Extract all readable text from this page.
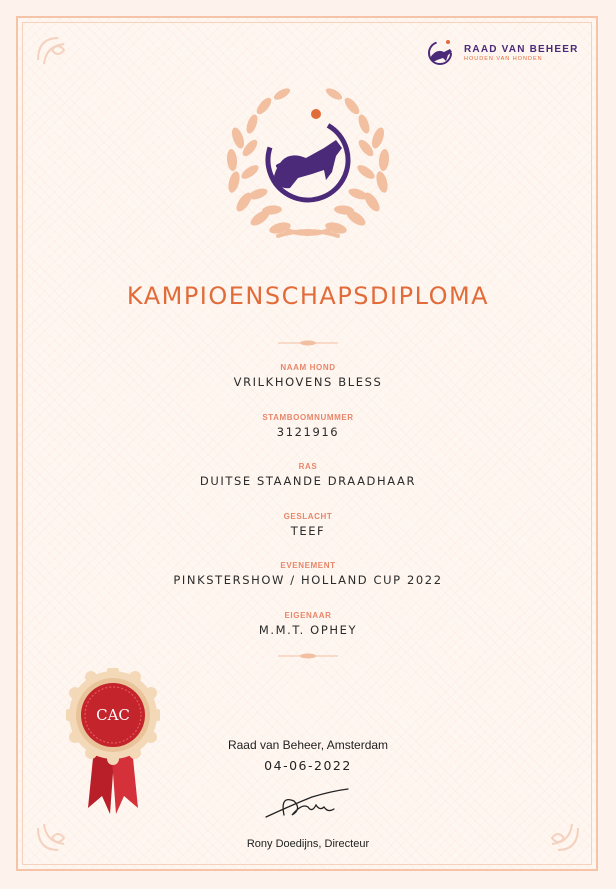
RAAD VAN BEHEER
HOUDEN VAN HONDEN
KAMPIOENSCHAPSDIPLOMA
NAAM HOND
VRILKHOVENS BLESS
STAMBOOMNUMMER
3121916
RAS
DUITSE STAANDE DRAADHAAR
GESLACHT
TEEF
EVENEMENT
PINKSTERSHOW / HOLLAND CUP 2022
EIGENAAR
M.M.T. OPHEY
CAC
Raad van Beheer, Amsterdam
04-06-2022
Rony Doedijns, Directeur
